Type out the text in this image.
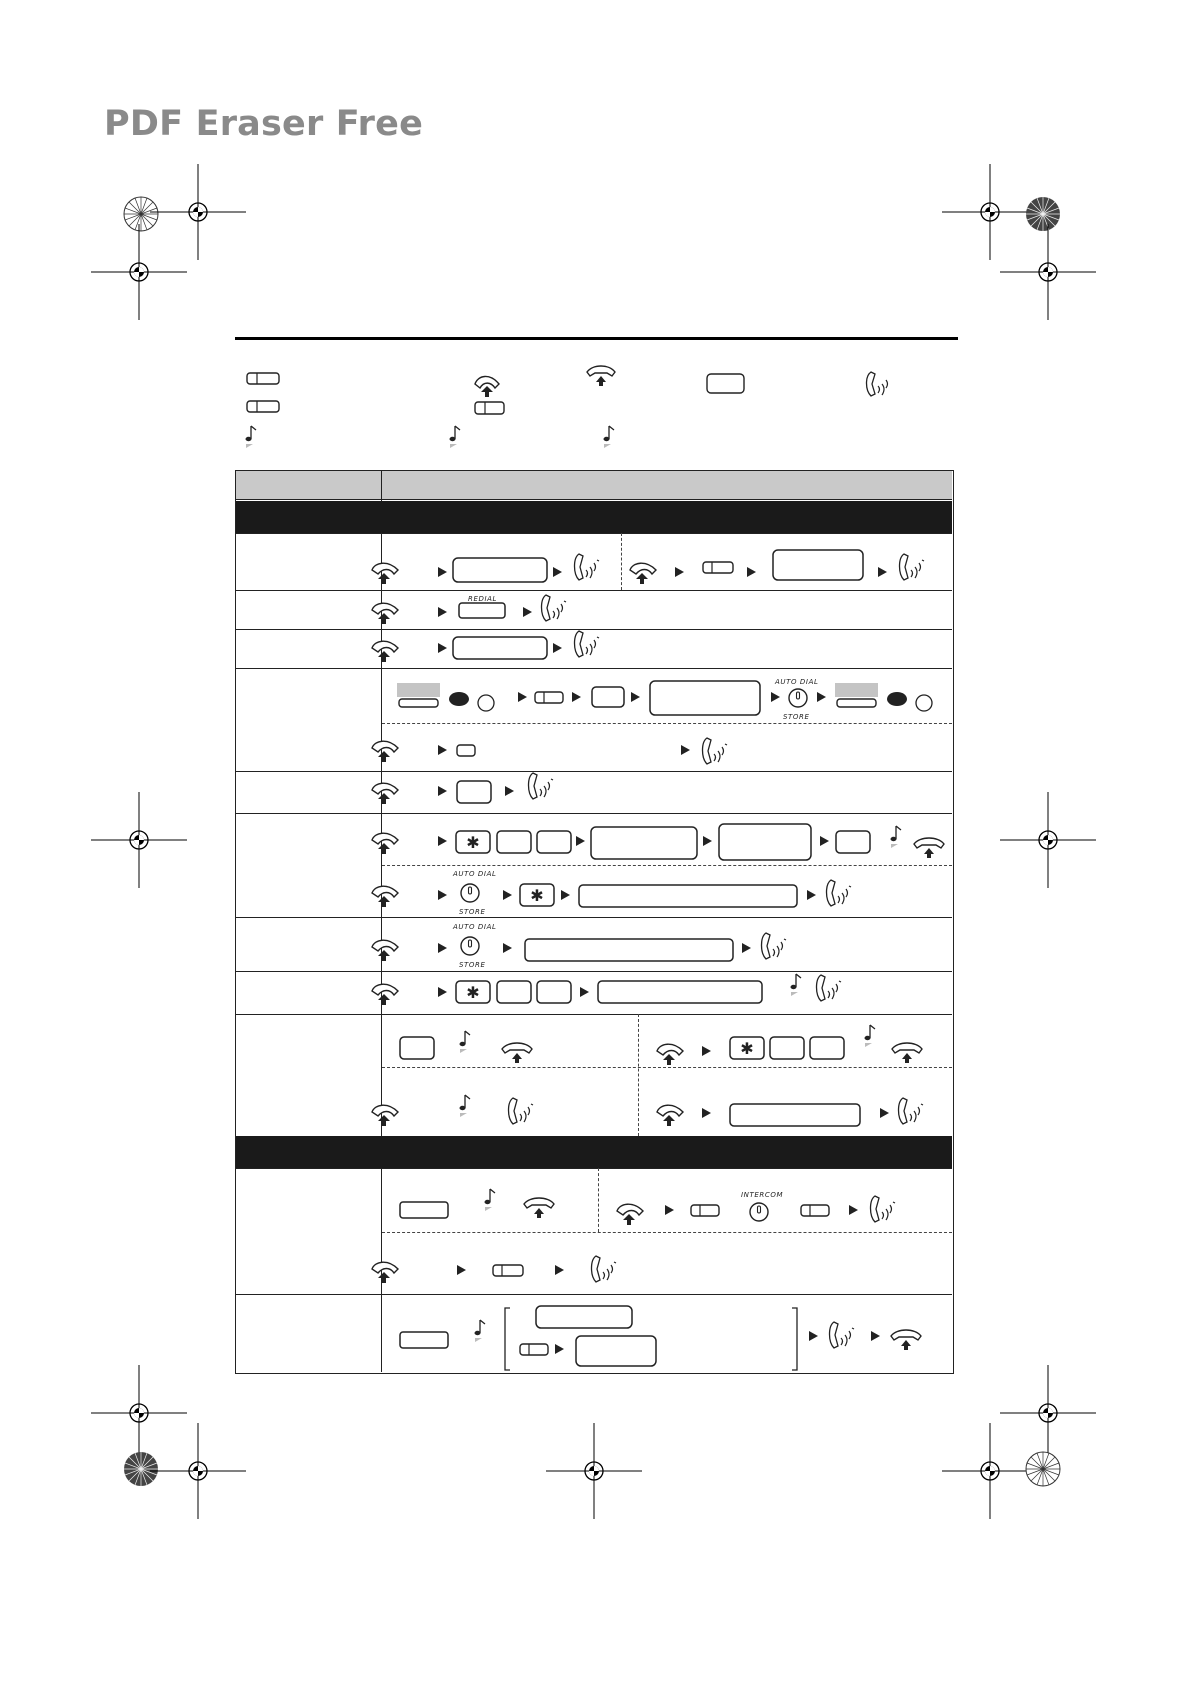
PDF Eraser Free
REDIAL
AUTO DIAL
STORE
✱
AUTO DIAL
STORE
✱
AUTO DIAL
STORE
✱
✱
INTERCOM
